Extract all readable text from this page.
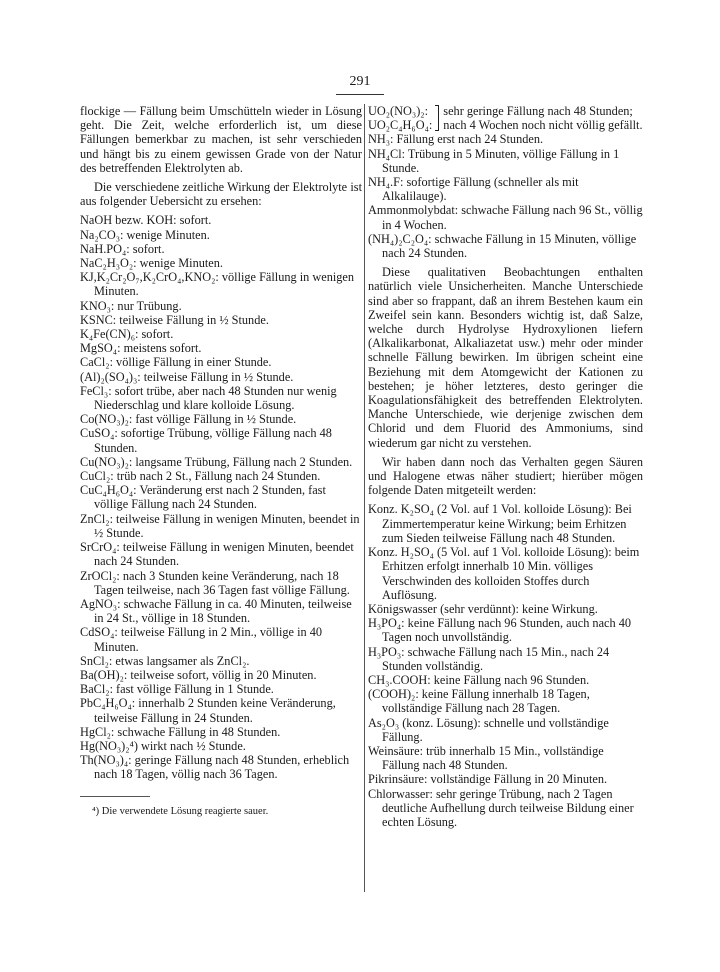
291

flockige — Fällung beim Umschütteln wieder in Lösung geht. Die Zeit, welche erforderlich ist, um diese Fällungen bemerkbar zu machen, ist sehr verschieden und hängt bis zu einem gewissen Grade von der Natur des betreffenden Elektrolyten ab.

Die verschiedene zeitliche Wirkung der Elektrolyte ist aus folgender Uebersicht zu ersehen:

NaOH bezw. KOH: sofort.

Na₂CO₃: wenige Minuten.

NaH.PO₄: sofort.

NaC₂H₃O₂: wenige Minuten.

KJ,K₂Cr₂O₇,K₂CrO₄,KNO₂: völlige Fällung in wenigen Minuten.

KNO₃: nur Trübung.

KSNC: teilweise Fällung in ½ Stunde.

K₄Fe(CN)₆: sofort.

MgSO₄: meistens sofort.

CaCl₂: völlige Fällung in einer Stunde.

(Al)₂(SO₄)₃: teilweise Fällung in ½ Stunde.

FeCl₃: sofort trübe, aber nach 48 Stunden nur wenig Niederschlag und klare kolloide Lösung.

Co(NO₃)₂: fast völlige Fällung in ½ Stunde.

CuSO₄: sofortige Trübung, völlige Fällung nach 48 Stunden.

Cu(NO₃)₂: langsame Trübung, Fällung nach 2 Stunden.

CuCl₂: trüb nach 2 St., Fällung nach 24 Stunden.

CuC₄H₆O₄: Veränderung erst nach 2 Stunden, fast völlige Fällung nach 24 Stunden.

ZnCl₂: teilweise Fällung in wenigen Minuten, beendet in ½ Stunde.

SrCrO₄: teilweise Fällung in wenigen Minuten, beendet nach 24 Stunden.

ZrOCl₂: nach 3 Stunden keine Veränderung, nach 18 Tagen teilweise, nach 36 Tagen fast völlige Fällung.

AgNO₃: schwache Fällung in ca. 40 Minuten, teilweise in 24 St., völlige in 18 Stunden.

CdSO₄: teilweise Fällung in 2 Min., völlige in 40 Minuten.

SnCl₂: etwas langsamer als ZnCl₂.

Ba(OH)₂: teilweise sofort, völlig in 20 Minuten.

BaCl₂: fast völlige Fällung in 1 Stunde.

PbC₄H₆O₄: innerhalb 2 Stunden keine Veränderung, teilweise Fällung in 24 Stunden.

HgCl₂: schwache Fällung in 48 Stunden.

Hg(NO₃)₂⁴) wirkt nach ½ Stunde.

Th(NO₃)₄: geringe Fällung nach 48 Stunden, erheblich nach 18 Tagen, völlig nach 36 Tagen.

⁴) Die verwendete Lösung reagierte sauer.

UO₂(NO₃)₂:
UO₂C₄H₆O₄:
sehr geringe Fällung nach 48 Stunden; nach 4 Wochen noch nicht völlig gefällt.

NH₃: Fällung erst nach 24 Stunden.

NH₄Cl: Trübung in 5 Minuten, völlige Fällung in 1 Stunde.

NH₄.F: sofortige Fällung (schneller als mit Alkalilauge).

Ammonmolybdat: schwache Fällung nach 96 St., völlig in 4 Wochen.

(NH₄)₂C₂O₄: schwache Fällung in 15 Minuten, völlige nach 24 Stunden.

Diese qualitativen Beobachtungen enthalten natürlich viele Unsicherheiten. Manche Unterschiede sind aber so frappant, daß an ihrem Bestehen kaum ein Zweifel sein kann. Besonders wichtig ist, daß Salze, welche durch Hydrolyse Hydroxylionen liefern (Alkalikarbonat, Alkaliazetat usw.) mehr oder minder schnelle Fällung bewirken. Im übrigen scheint eine Beziehung mit dem Atomgewicht der Kationen zu bestehen; je höher letzteres, desto geringer die Koagulationsfähigkeit des betreffenden Elektrolyten. Manche Unterschiede, wie derjenige zwischen dem Chlorid und dem Fluorid des Ammoniums, sind wiederum gar nicht zu verstehen.

Wir haben dann noch das Verhalten gegen Säuren und Halogene etwas näher studiert; hierüber mögen folgende Daten mitgeteilt werden:

Konz. K₂SO₄ (2 Vol. auf 1 Vol. kolloide Lösung): Bei Zimmertemperatur keine Wirkung; beim Erhitzen zum Sieden teilweise Fällung nach 48 Stunden.

Konz. H₂SO₄ (5 Vol. auf 1 Vol. kolloide Lösung): beim Erhitzen erfolgt innerhalb 10 Min. völliges Verschwinden des kolloiden Stoffes durch Auflösung.

Königswasser (sehr verdünnt): keine Wirkung.

H₃PO₄: keine Fällung nach 96 Stunden, auch nach 40 Tagen noch unvollständig.

H₃PO₃: schwache Fällung nach 15 Min., nach 24 Stunden vollständig.

CH₃.COOH: keine Fällung nach 96 Stunden.

(COOH)₂: keine Fällung innerhalb 18 Tagen, vollständige Fällung nach 28 Tagen.

As₂O₃ (konz. Lösung): schnelle und vollständige Fällung.

Weinsäure: trüb innerhalb 15 Min., vollständige Fällung nach 48 Stunden.

Pikrinsäure: vollständige Fällung in 20 Minuten.

Chlorwasser: sehr geringe Trübung, nach 2 Tagen deutliche Aufhellung durch teilweise Bildung einer echten Lösung.
